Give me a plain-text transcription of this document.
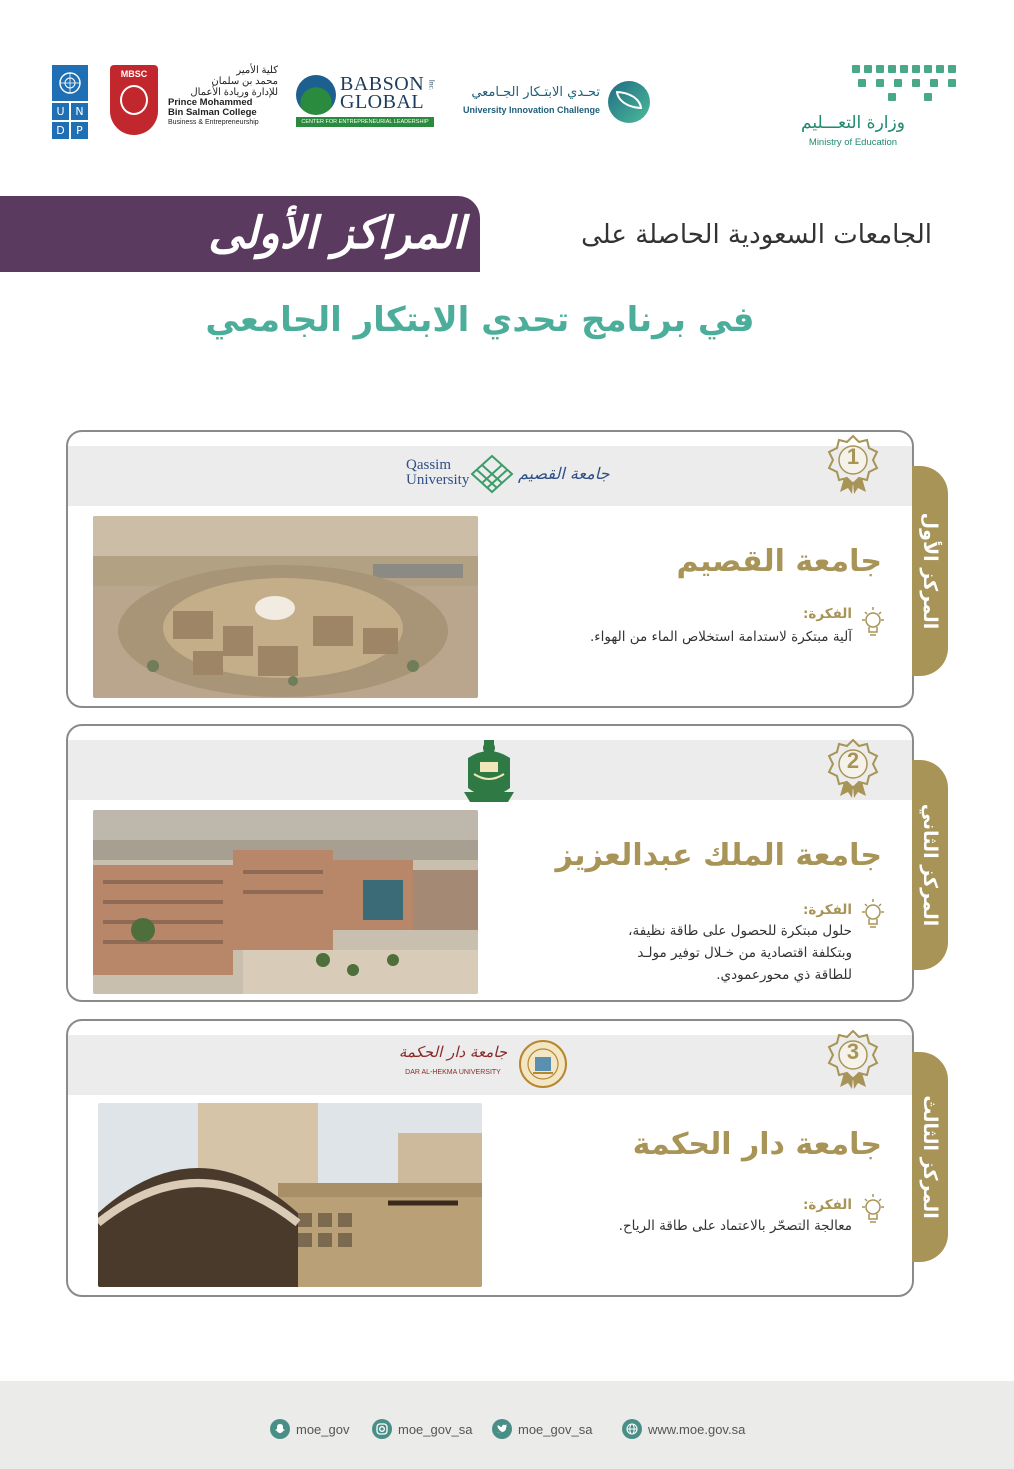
U N
D	P
MBSC	كلية الأمير
محمد بن سلمان
للإدارة وريادة الأعمال
Prince Mohammed
Bin Salman College
Business & Entrepreneurship
BABSON
GLOBAL
Inc.
CENTER FOR ENTREPRENEURIAL LEADERSHIP
تحـدي الابتـكار الجـامعي
University Innovation Challenge
وزارة التعـــليم
Ministry of Education
المراكز الأولى	الجامعات السعودية الحاصلة على
في برنامج تحدي الابتكار الجامعي
1
Qassim
University	جامعة القصيم
جامعة القصيم
الفكرة:
آلية مبتكرة لاستدامة استخلاص الماء من الهواء.
المركز الأول
2
جامعة الملك عبدالعزيز
الفكرة:
حلول مبتكرة للحصول على طاقة نظيفة،
وبتكلفة اقتصادية من خـلال توفير مولـد
للطاقة ذي محورعمودي.
المركز الثاني
3
جامعة دار الحكمة
DAR AL-HEKMA UNIVERSITY
جامعة دار الحكمة
الفكرة:
معالجة التصحّر بالاعتماد على طاقة الرياح.
المركز الثالث
moe_gov	moe_gov_sa	moe_gov_sa	www.moe.gov.sa
